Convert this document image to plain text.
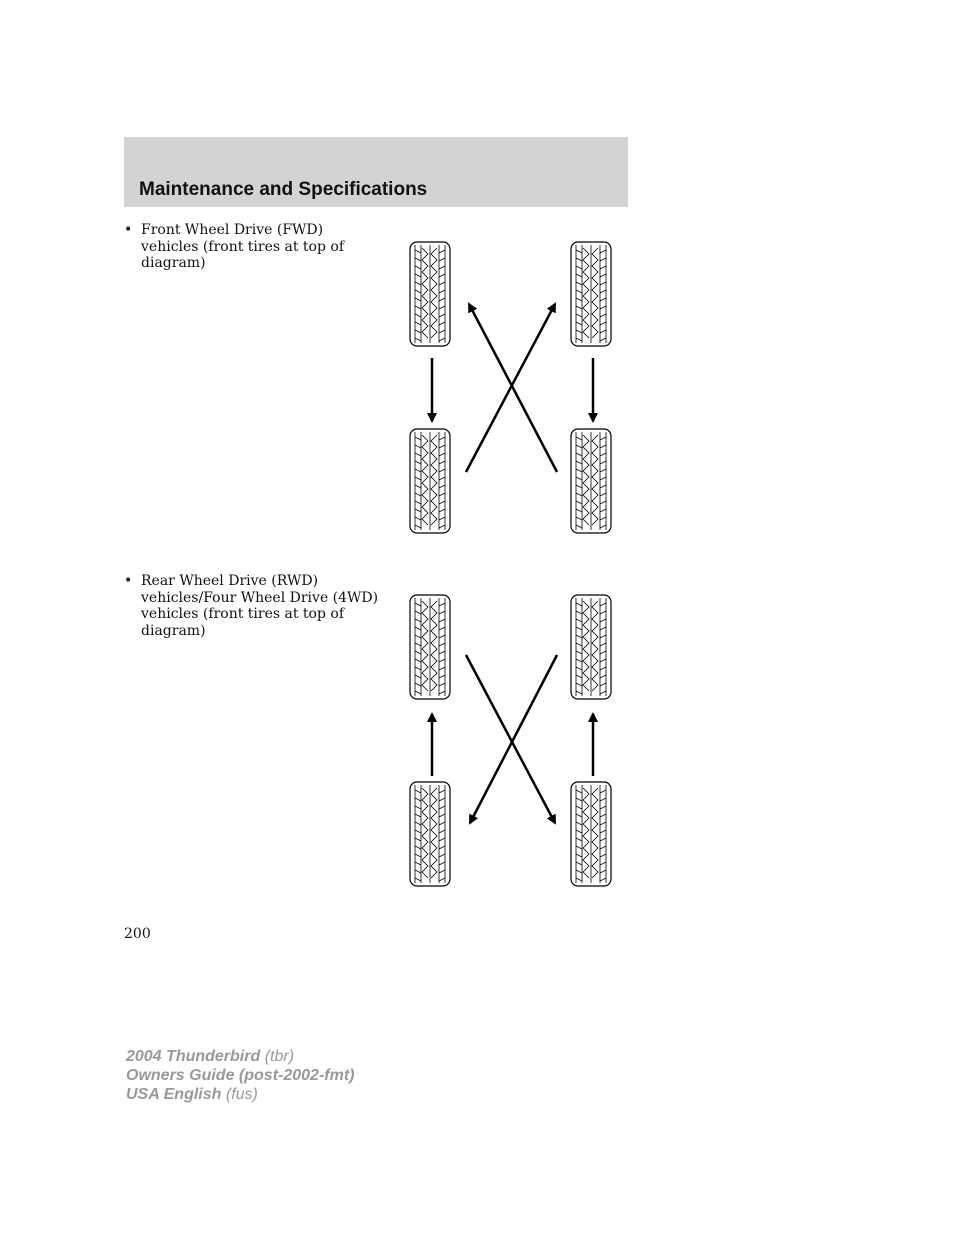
Maintenance and Specifications
• Front Wheel Drive (FWD) vehicles (front tires at top of diagram)
• Rear Wheel Drive (RWD) vehicles/Four Wheel Drive (4WD) vehicles (front tires at top of diagram)
200
2004 Thunderbird (tbr)
Owners Guide (post-2002-fmt)
USA English (fus)
